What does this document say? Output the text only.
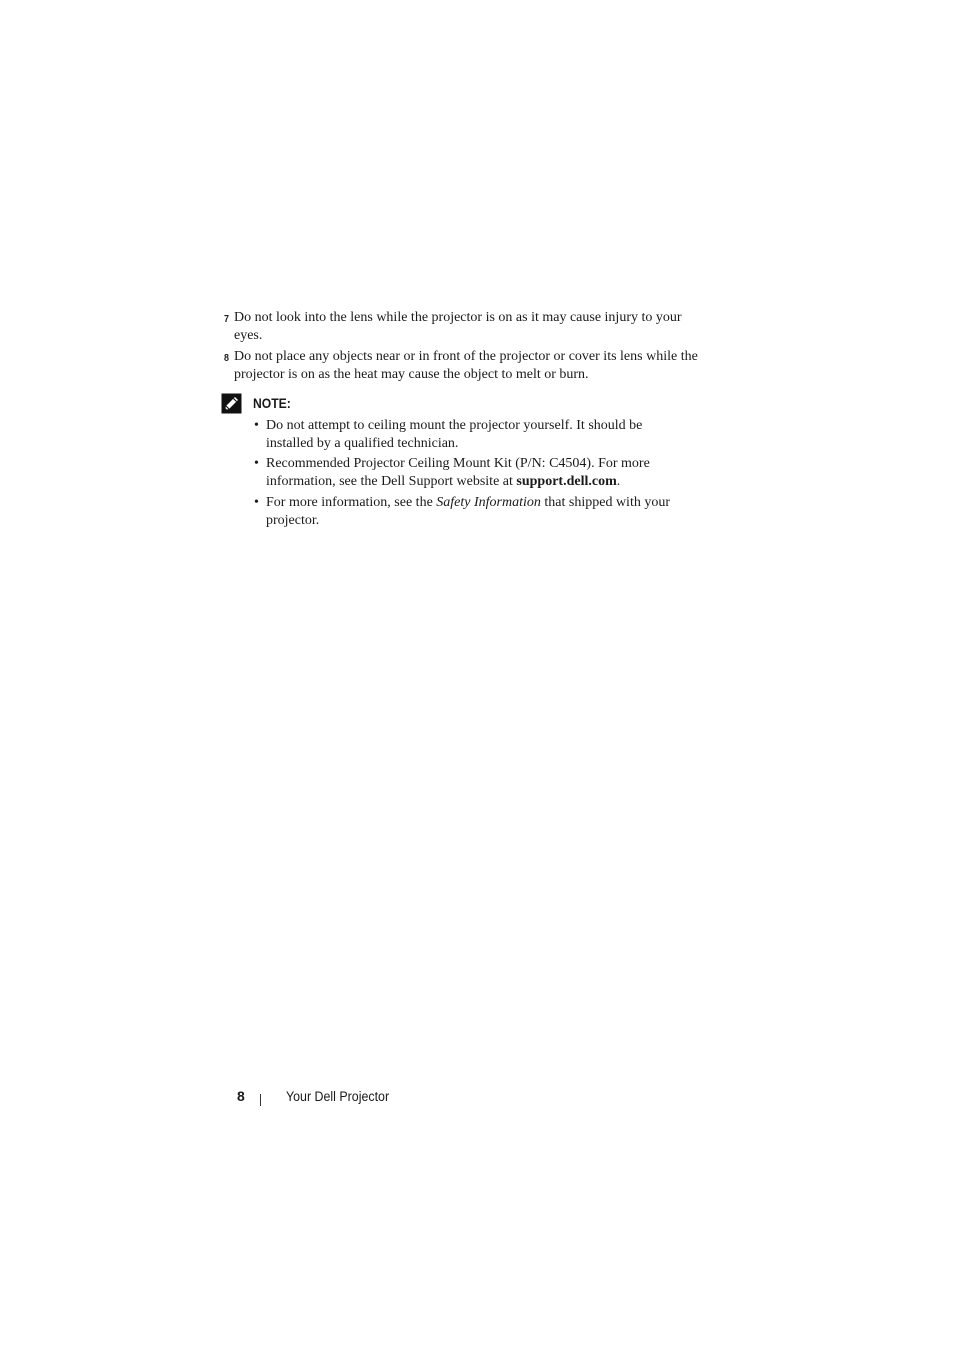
7 Do not look into the lens while the projector is on as it may cause injury to your
eyes.
8 Do not place any objects near or in front of the projector or cover its lens while the
projector is on as the heat may cause the object to melt or burn.
NOTE:
• Do not attempt to ceiling mount the projector yourself. It should be
installed by a qualified technician.
• Recommended Projector Ceiling Mount Kit (P/N: C4504). For more
information, see the Dell Support website at support.dell.com.
• For more information, see the Safety Information that shipped with your
projector.
8	Your Dell Projector
